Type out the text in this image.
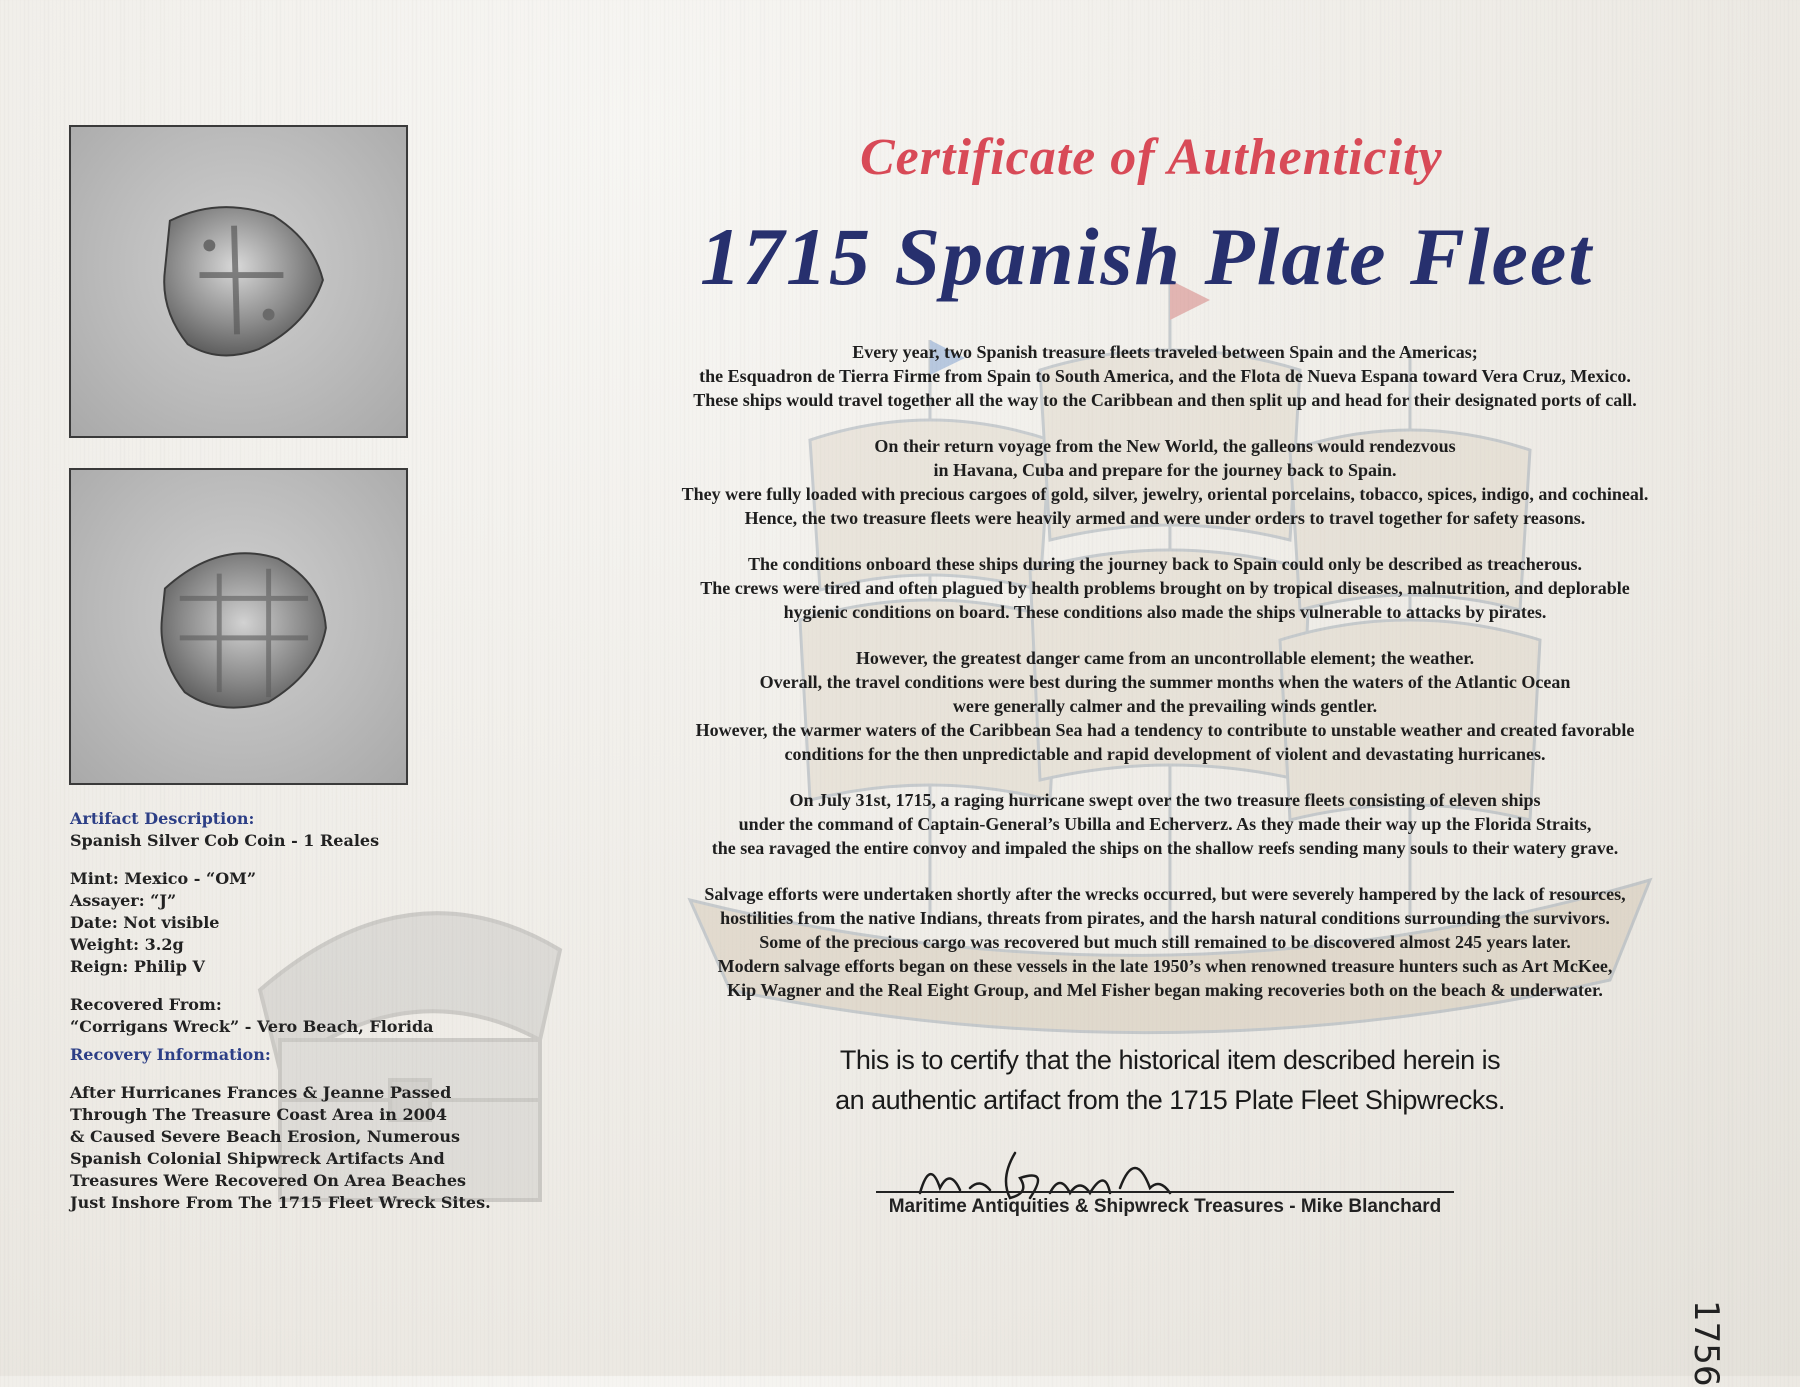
Artifact Description:

Spanish Silver Cob Coin - 1 Reales

Mint: Mexico - “OM”

Assayer: “J”

Date: Not visible

Weight: 3.2g

Reign: Philip V

Recovered From:

“Corrigans Wreck” - Vero Beach, Florida

Recovery Information:

After Hurricanes Frances & Jeanne Passed

Through The Treasure Coast Area in 2004

& Caused Severe Beach Erosion, Numerous

Spanish Colonial Shipwreck Artifacts And

Treasures Were Recovered On Area Beaches

Just Inshore From The 1715 Fleet Wreck Sites.

Certificate of Authenticity
1715 Spanish Plate Fleet

Every year, two Spanish treasure fleets traveled between Spain and the Americas;
the Esquadron de Tierra Firme from Spain to South America, and the Flota de Nueva Espana toward Vera Cruz, Mexico.
These ships would travel together all the way to the Caribbean and then split up and head for their designated ports of call.

On their return voyage from the New World, the galleons would rendezvous
in Havana, Cuba and prepare for the journey back to Spain.
They were fully loaded with precious cargoes of gold, silver, jewelry, oriental porcelains, tobacco, spices, indigo, and cochineal.
Hence, the two treasure fleets were heavily armed and were under orders to travel together for safety reasons.

The conditions onboard these ships during the journey back to Spain could only be described as treacherous.
The crews were tired and often plagued by health problems brought on by tropical diseases, malnutrition, and deplorable
hygienic conditions on board. These conditions also made the ships vulnerable to attacks by pirates.

However, the greatest danger came from an uncontrollable element; the weather.
Overall, the travel conditions were best during the summer months when the waters of the Atlantic Ocean
were generally calmer and the prevailing winds gentler.
However, the warmer waters of the Caribbean Sea had a tendency to contribute to unstable weather and created favorable
conditions for the then unpredictable and rapid development of violent and devastating hurricanes.

On July 31st, 1715, a raging hurricane swept over the two treasure fleets consisting of eleven ships
under the command of Captain-General’s Ubilla and Echerverz. As they made their way up the Florida Straits,
the sea ravaged the entire convoy and impaled the ships on the shallow reefs sending many souls to their watery grave.

Salvage efforts were undertaken shortly after the wrecks occurred, but were severely hampered by the lack of resources,
hostilities from the native Indians, threats from pirates, and the harsh natural conditions surrounding the survivors.
Some of the precious cargo was recovered but much still remained to be discovered almost 245 years later.
Modern salvage efforts began on these vessels in the late 1950’s when renowned treasure hunters such as Art McKee,
Kip Wagner and the Real Eight Group, and Mel Fisher began making recoveries both on the beach & underwater.

This is to certify that the historical item described herein is
an authentic artifact from the 1715 Plate Fleet Shipwrecks.
Maritime Antiquities & Shipwreck Treasures - Mike Blanchard
1756
